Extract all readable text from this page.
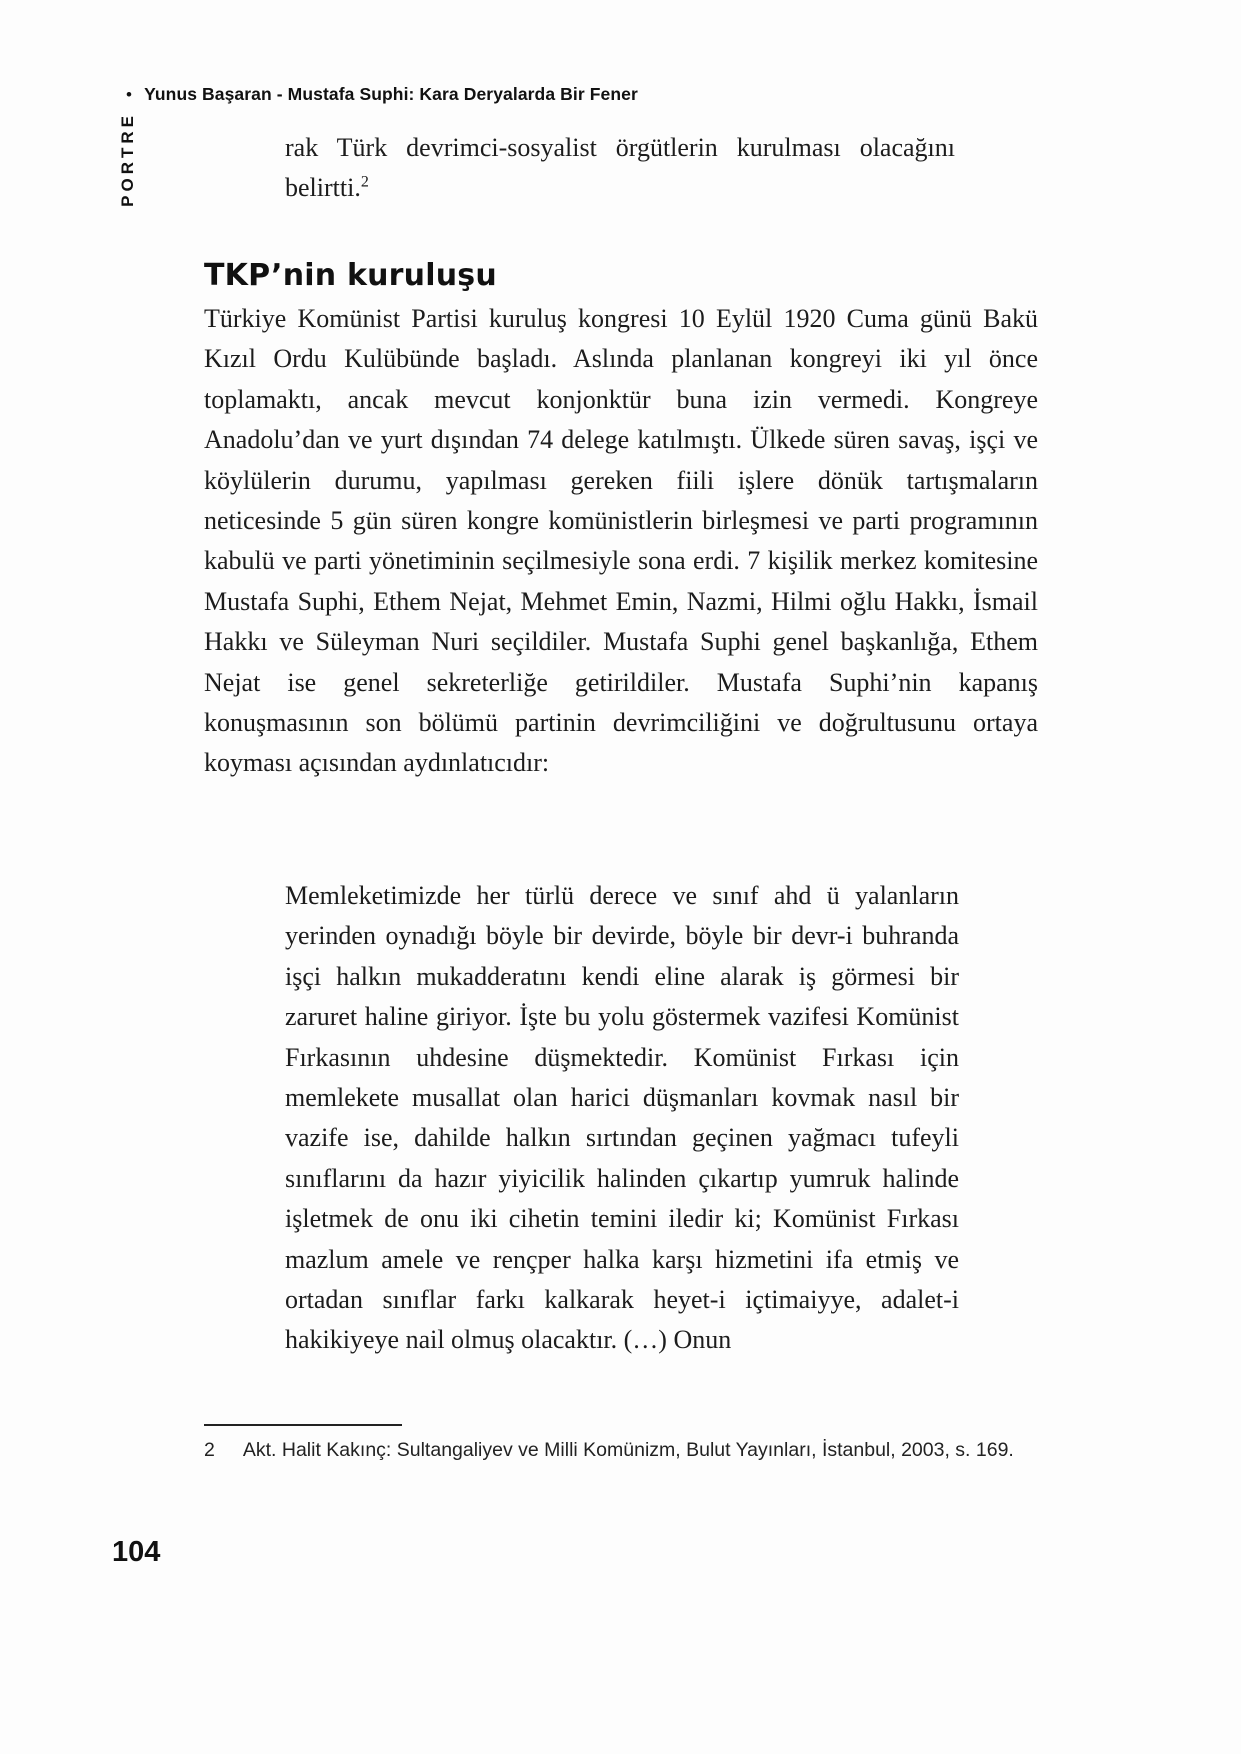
• Yunus Başaran - Mustafa Suphi: Kara Deryalarda Bir Fener
PORTRE	rak Türk devrimci-sosyalist örgütlerin kurulması olacağını belirtti.$^2$

TKP’nin kuruluşu

Türkiye Komünist Partisi kuruluş kongresi 10 Eylül 1920 Cuma günü Bakü Kızıl Ordu Kulübünde başladı. Aslında planlanan kongreyi iki yıl önce toplamaktı, ancak mevcut konjonktür buna izin vermedi. Kongreye Anadolu’dan ve yurt dışından 74 delege katılmıştı. Ülkede süren savaş, işçi ve köylülerin durumu, yapılması gereken fiili işlere dönük tartışmaların neticesinde 5 gün süren kongre komünistlerin birleşmesi ve parti programının kabulü ve parti yönetiminin seçilmesiyle sona erdi. 7 kişilik merkez komitesine Mustafa Suphi, Ethem Nejat, Mehmet Emin, Nazmi, Hilmi oğlu Hakkı, İsmail Hakkı ve Süleyman Nuri seçildiler. Mustafa Suphi genel başkanlığa, Ethem Nejat ise genel sekreterliğe getirildiler. Mustafa Suphi’nin kapanış konuşmasının son bölümü partinin devrimciliğini ve doğrultusunu ortaya koyması açısından aydınlatıcıdır:

Memleketimizde her türlü derece ve sınıf ahd ü yalanların yerinden oynadığı böyle bir devirde, böyle bir devr-i buhranda işçi halkın mukadderatını kendi eline alarak iş görmesi bir zaruret haline giriyor. İşte bu yolu göstermek vazifesi Komünist Fırkasının uhdesine düşmektedir. Komünist Fırkası için memlekete musallat olan harici düşmanları kovmak nasıl bir vazife ise, dahilde halkın sırtından geçinen yağmacı tufeyli sınıflarını da hazır yiyicilik halinden çıkartıp yumruk halinde işletmek de onu iki cihetin temini iledir ki; Komünist Fırkası mazlum amele ve rençper halka karşı hizmetini ifa etmiş ve ortadan sınıflar farkı kalkarak heyet-i içtimaiyye, adalet-i hakikiyeye nail olmuş olacaktır. (…) Onun
2 Akt. Halit Kakınç: Sultangaliyev ve Milli Komünizm, Bulut Yayınları, İstanbul, 2003, s. 169.
104
